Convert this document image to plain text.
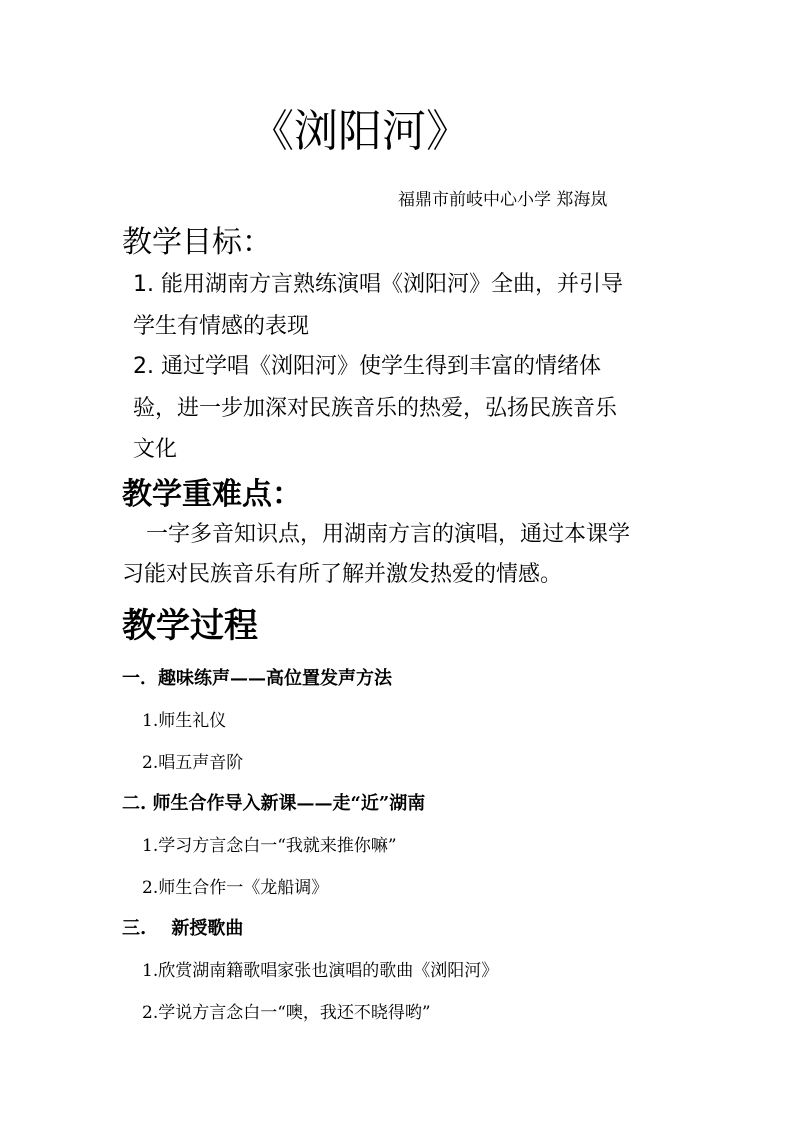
《浏阳河》
福鼎市前岐中心小学 郑海岚
教学目标：
1. 能用湖南方言熟练演唱《浏阳河》全曲，并引导
学生有情感的表现
2. 通过学唱《浏阳河》使学生得到丰富的情绪体
验，进一步加深对民族音乐的热爱，弘扬民族音乐
文化
教学重难点：
一字多音知识点，用湖南方言的演唱，通过本课学
习能对民族音乐有所了解并激发热爱的情感。
教学过程
一．趣味练声——高位置发声方法
1.师生礼仪
2.唱五声音阶
二. 师生合作导入新课——走“近”湖南
1.学习方言念白一“我就来推你嘛”
2.师生合作一《龙船调》
三.    新授歌曲
1.欣赏湖南籍歌唱家张也演唱的歌曲《浏阳河》
2.学说方言念白一“噢，我还不晓得哟”
